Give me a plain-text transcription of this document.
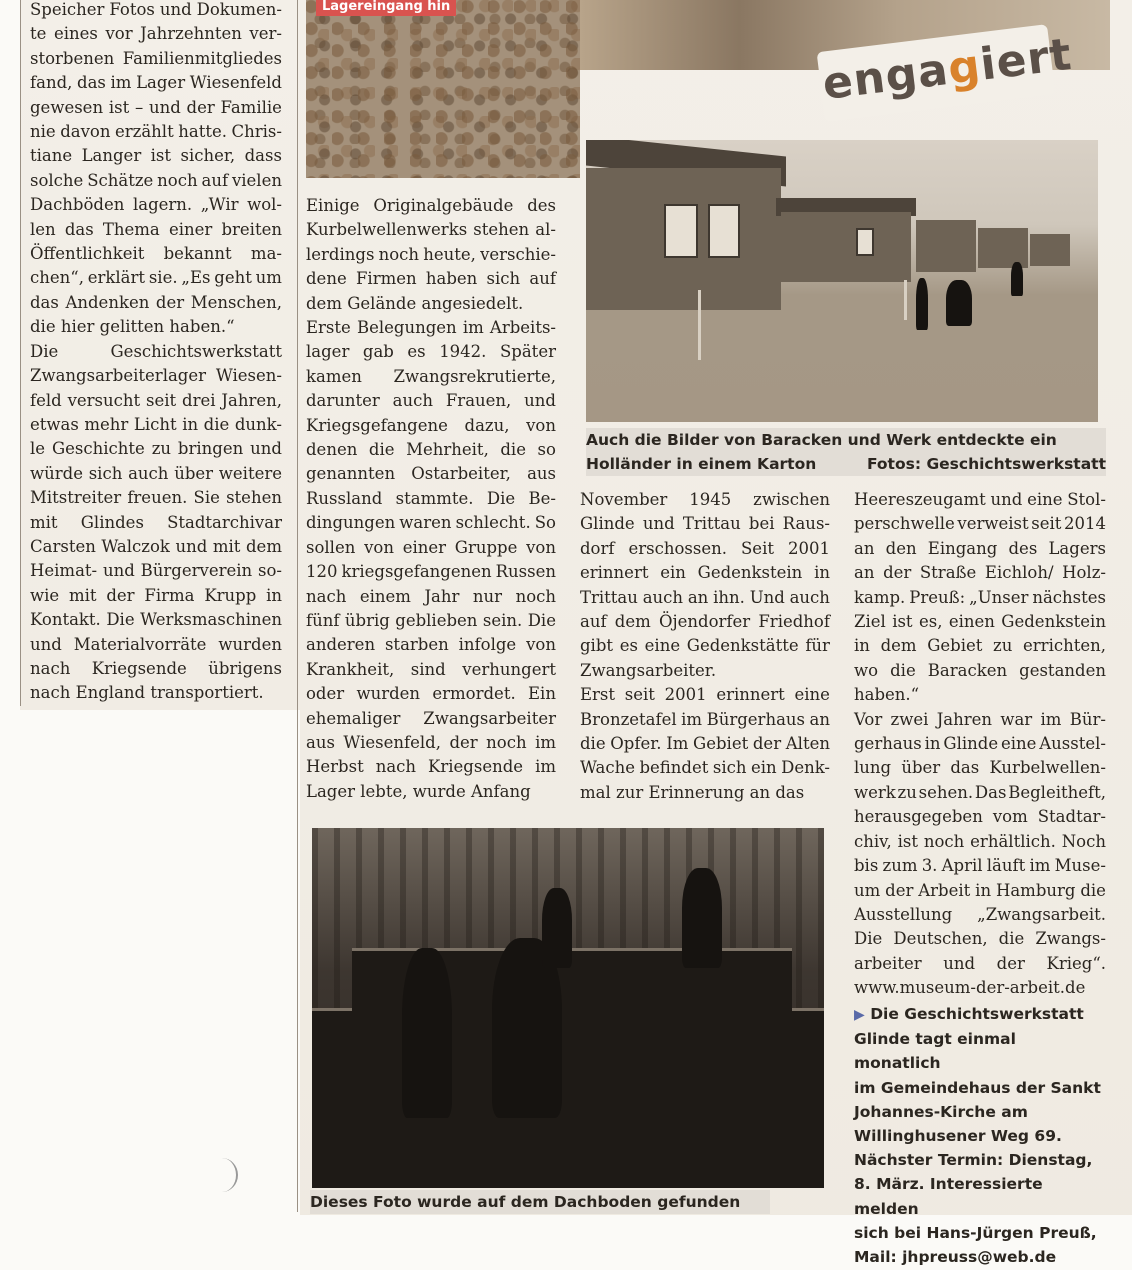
Lagereingang hin
engagiert
Auch die Bilder von Baracken und Werk entdeckte ein
Holländer in einem Karton	Fotos: Geschichtswerkstatt
Dieses Foto wurde auf dem Dachboden gefunden

Speicher Fotos und Dokumen-

te eines vor Jahrzehnten ver-

storbenen Familienmitgliedes

fand, das im Lager Wiesenfeld

gewesen ist – und der Familie

nie davon erzählt hatte. Chris-

tiane Langer ist sicher, dass

solche Schätze noch auf vielen

Dachböden lagern. „Wir wol-

len das Thema einer breiten

Öffentlichkeit bekannt ma-

chen“, erklärt sie. „Es geht um

das Andenken der Menschen,

die hier gelitten haben.“

Die	Geschichtswerkstatt

Zwangsarbeiterlager Wiesen-

feld versucht seit drei Jahren,

etwas mehr Licht in die dunk-

le Geschichte zu bringen und

würde sich auch über weitere

Mitstreiter freuen. Sie stehen

mit Glindes Stadtarchivar

Carsten Walczok und mit dem

Heimat- und Bürgerverein so-

wie mit der Firma Krupp in

Kontakt. Die Werksmaschinen

und Materialvorräte wurden

nach Kriegsende übrigens

nach England transportiert.

Einige Originalgebäude des

Kurbelwellenwerks stehen al-

lerdings noch heute, verschie-

dene Firmen haben sich auf

dem Gelände angesiedelt.

Erste Belegungen im Arbeits-

lager gab es 1942. Später

kamen Zwangsrekrutierte,

darunter auch Frauen, und

Kriegsgefangene dazu, von

denen die Mehrheit, die so

genannten Ostarbeiter, aus

Russland stammte. Die Be-

dingungen waren schlecht. So

sollen von einer Gruppe von

120 kriegsgefangenen Russen

nach einem Jahr nur noch

fünf übrig geblieben sein. Die

anderen starben infolge von

Krankheit, sind verhungert

oder wurden ermordet. Ein

ehemaliger Zwangsarbeiter

aus Wiesenfeld, der noch im

Herbst nach Kriegsende im

Lager lebte, wurde Anfang

November 1945 zwischen

Glinde und Trittau bei Raus-

dorf erschossen. Seit 2001

erinnert ein Gedenkstein in

Trittau auch an ihn. Und auch

auf dem Öjendorfer Friedhof

gibt es eine Gedenkstätte für

Zwangsarbeiter.

Erst seit 2001 erinnert eine

Bronzetafel im Bürgerhaus an

die Opfer. Im Gebiet der Alten

Wache befindet sich ein Denk-

mal zur Erinnerung an das

Heereszeugamt und eine Stol-

perschwelle verweist seit 2014

an den Eingang des Lagers

an der Straße Eichloh/ Holz-

kamp. Preuß: „Unser nächstes

Ziel ist es, einen Gedenkstein

in dem Gebiet zu errichten,

wo die Baracken gestanden

haben.“

Vor zwei Jahren war im Bür-

gerhaus in Glinde eine Ausstel-

lung über das Kurbelwellen-

werk zu sehen. Das Begleitheft,

herausgegeben vom Stadtar-

chiv, ist noch erhältlich. Noch

bis zum 3. April läuft im Muse-

um der Arbeit in Hamburg die

Ausstellung „Zwangsarbeit.

Die Deutschen, die Zwangs-

arbeiter und der Krieg“.

www.museum-der-arbeit.de

▶ Die Geschichtswerkstatt
Glinde tagt einmal monatlich
im Gemeindehaus der Sankt
Johannes-Kirche am
Willinghusener Weg 69.
Nächster Termin: Dienstag,
8. März. Interessierte melden
sich bei Hans-Jürgen Preuß,
Mail: jhpreuss@web.de
